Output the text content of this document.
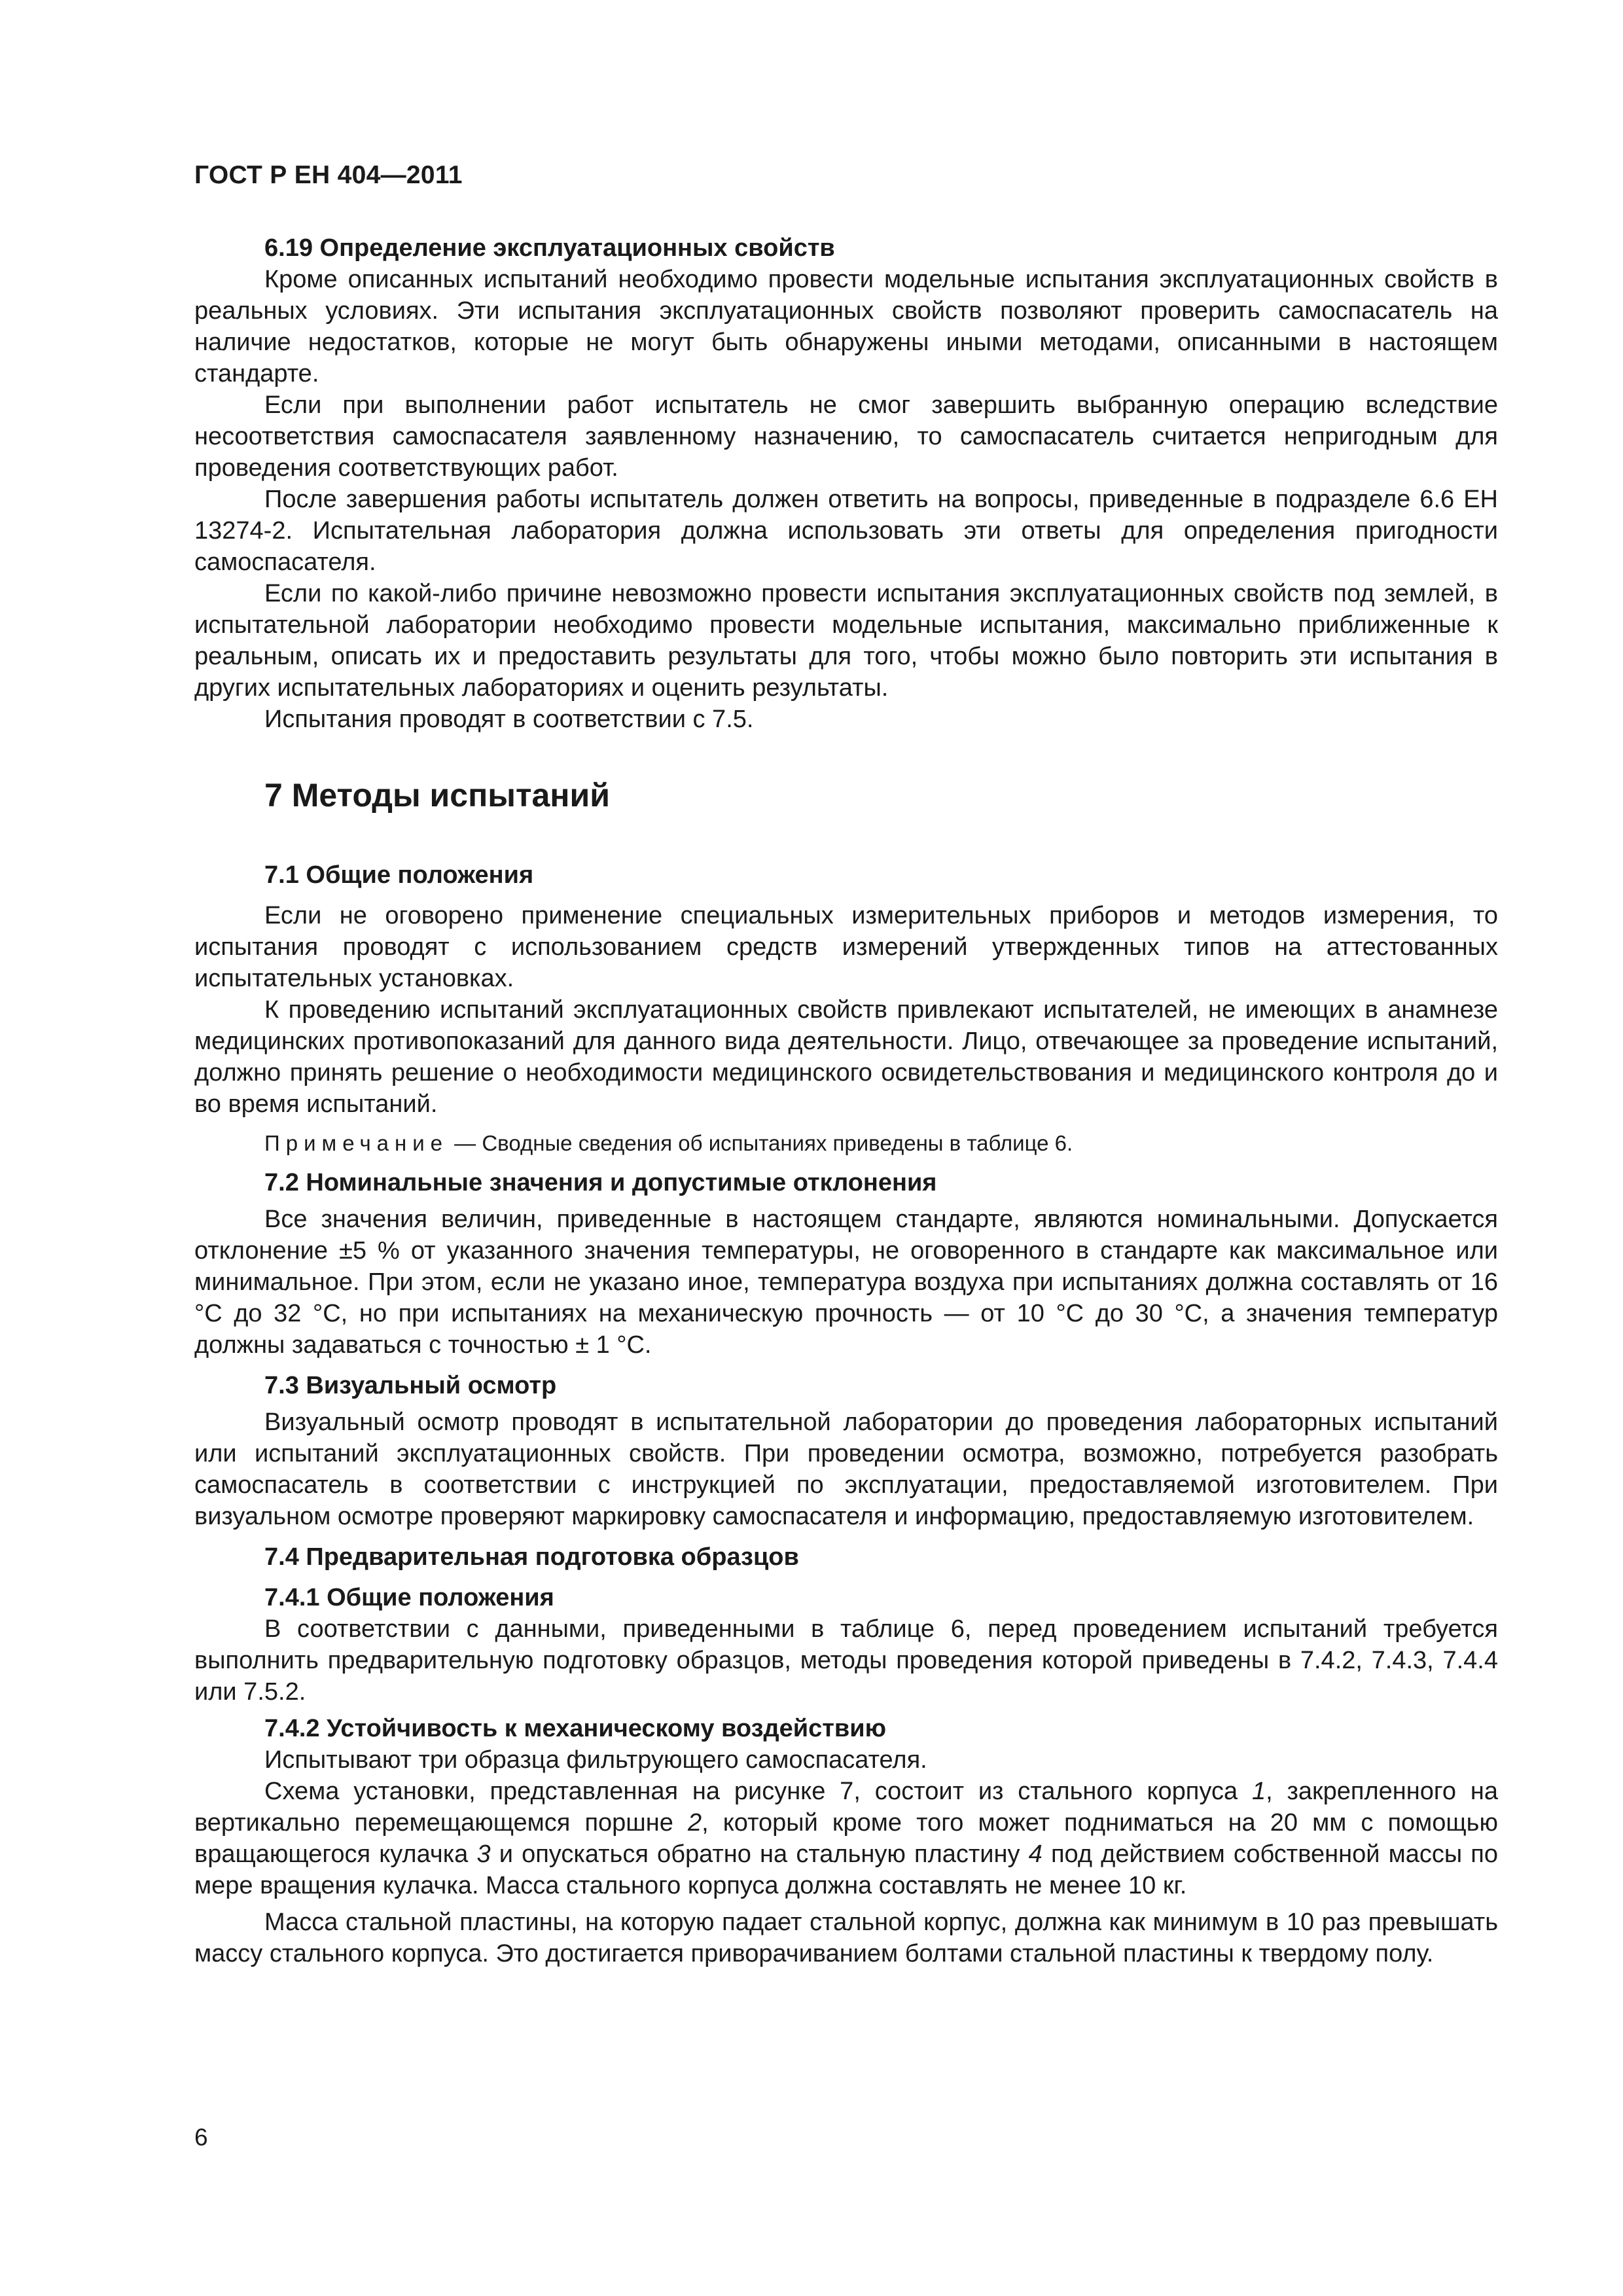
ГОСТ Р ЕН 404—2011
6.19 Определение эксплуатационных свойств

Кроме описанных испытаний необходимо провести модельные испытания эксплуатационных свойств в реальных условиях. Эти испытания эксплуатационных свойств позволяют проверить самоспасатель на наличие недостатков, которые не могут быть обнаружены иными методами, описанными в настоящем стандарте.

Если при выполнении работ испытатель не смог завершить выбранную операцию вследствие несоответствия самоспасателя заявленному назначению, то самоспасатель считается непригодным для проведения соответствующих работ.

После завершения работы испытатель должен ответить на вопросы, приведенные в подразделе 6.6 ЕН 13274-2. Испытательная лаборатория должна использовать эти ответы для определения пригодности самоспасателя.

Если по какой-либо причине невозможно провести испытания эксплуатационных свойств под землей, в испытательной лаборатории необходимо провести модельные испытания, максимально приближенные к реальным, описать их и предоставить результаты для того, чтобы можно было повторить эти испытания в других испытательных лабораториях и оценить результаты.

Испытания проводят в соответствии с 7.5.

7 Методы испытаний
7.1 Общие положения

Если не оговорено применение специальных измерительных приборов и методов измерения, то испытания проводят с использованием средств измерений утвержденных типов на аттестованных испытательных установках.

К проведению испытаний эксплуатационных свойств привлекают испытателей, не имеющих в анамнезе медицинских противопоказаний для данного вида деятельности. Лицо, отвечающее за проведение испытаний, должно принять решение о необходимости медицинского освидетельствования и медицинского контроля до и во время испытаний.

Примечание — Сводные сведения об испытаниях приведены в таблице 6.

7.2 Номинальные значения и допустимые отклонения

Все значения величин, приведенные в настоящем стандарте, являются номинальными. Допускается отклонение ±5 % от указанного значения температуры, не оговоренного в стандарте как максимальное или минимальное. При этом, если не указано иное, температура воздуха при испытаниях должна составлять от 16 °С до 32 °С, но при испытаниях на механическую прочность — от 10 °С до 30 °С, а значения температур должны задаваться с точностью ± 1 °С.

7.3 Визуальный осмотр

Визуальный осмотр проводят в испытательной лаборатории до проведения лабораторных испытаний или испытаний эксплуатационных свойств. При проведении осмотра, возможно, потребуется разобрать самоспасатель в соответствии с инструкцией по эксплуатации, предоставляемой изготовителем. При визуальном осмотре проверяют маркировку самоспасателя и информацию, предоставляемую изготовителем.

7.4 Предварительная подготовка образцов
7.4.1 Общие положения

В соответствии с данными, приведенными в таблице 6, перед проведением испытаний требуется выполнить предварительную подготовку образцов, методы проведения которой приведены в 7.4.2, 7.4.3, 7.4.4 или 7.5.2.

7.4.2 Устойчивость к механическому воздействию

Испытывают три образца фильтрующего самоспасателя.

Схема установки, представленная на рисунке 7, состоит из стального корпуса 1, закрепленного на вертикально перемещающемся поршне 2, который кроме того может подниматься на 20 мм с помощью вращающегося кулачка 3 и опускаться обратно на стальную пластину 4 под действием собственной массы по мере вращения кулачка. Масса стального корпуса должна составлять не менее 10 кг.

Масса стальной пластины, на которую падает стальной корпус, должна как минимум в 10 раз превышать массу стального корпуса. Это достигается приворачиванием болтами стальной пластины к твердому полу.

6
